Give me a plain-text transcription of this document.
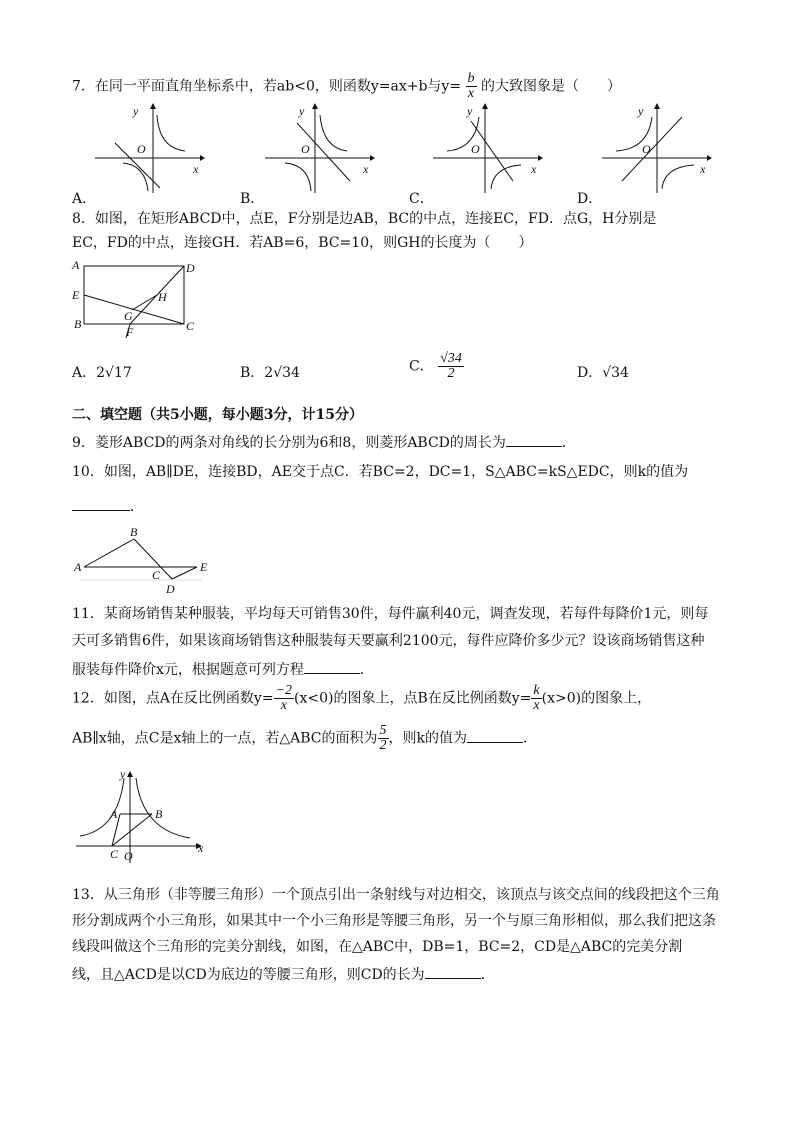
7．在同一平面直角坐标系中，若ab<0，则函数y=ax+b与$y= \frac{b}{x}$ 的大致图象是（　　）
y
x
O
y
x
O
y
x
O
y
x
O
A．	B．	C．	D．
8．如图，在矩形ABCD中，点E，F分别是边AB，BC的中点，连接EC，FD．点G，H分别是
EC，FD的中点，连接GH．若AB=6，BC=10，则GH的长度为（　　）
A	D
E
B	C
H
G
F
A．2√17	B．2√34	C． $\frac{√34}{2}$	D．√34
二、填空题（共5小题，每小题3分，计15分）
9．菱形ABCD的两条对角线的长分别为6和8，则菱形ABCD的周长为	．
10．如图，AB∥DE，连接BD，AE交于点C．若BC=2，DC=1，S△ABC=kS△EDC，则k的值为
．
A
B
C
D
E
11．某商场销售某种服装，平均每天可销售30件，每件赢利40元，调查发现，若每件每降价1元，则每
天可多销售6件，如果该商场销售这种服装每天要赢利2100元，每件应降价多少元？设该商场销售这种
服装每件降价x元，根据题意可列方程	．
12．如图，点A在反比例函数$y= \frac{-2}{x} (x<0)$的图象上，点B在反比例函数$y= \frac{k}{x} (x>0)$的图象上，
AB∥x轴，点C是x轴上的一点，若△ABC的面积为 $\frac{5}{2}$ ，则k的值为	．
y
x
O
A	B
C
13．从三角形（非等腰三角形）一个顶点引出一条射线与对边相交，该顶点与该交点间的线段把这个三角
形分割成两个小三角形，如果其中一个小三角形是等腰三角形，另一个与原三角形相似，那么我们把这条
线段叫做这个三角形的完美分割线，如图，在△ABC中，DB=1，BC=2，CD是△ABC的完美分割
线，且△ACD是以CD为底边的等腰三角形，则CD的长为	．
